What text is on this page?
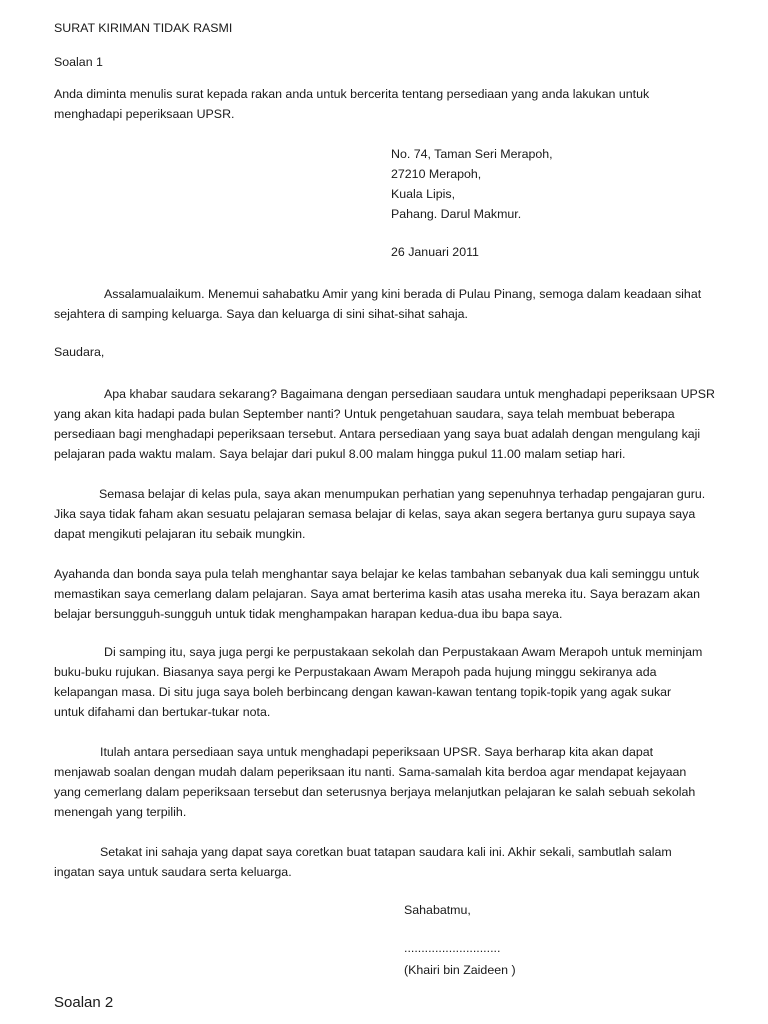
SURAT KIRIMAN TIDAK RASMI
Soalan 1
Anda diminta menulis surat kepada rakan anda untuk bercerita tentang persediaan yang anda lakukan untuk
menghadapi peperiksaan UPSR.
No. 74, Taman Seri Merapoh,
27210 Merapoh,
Kuala Lipis,
Pahang. Darul Makmur.
26 Januari 2011
Assalamualaikum. Menemui sahabatku Amir yang kini berada di Pulau Pinang, semoga dalam keadaan sihat
sejahtera di samping keluarga. Saya dan keluarga di sini sihat-sihat sahaja.
Saudara,
Apa khabar saudara sekarang? Bagaimana dengan persediaan saudara untuk menghadapi peperiksaan UPSR
yang akan kita hadapi pada bulan September nanti? Untuk pengetahuan saudara, saya telah membuat beberapa
persediaan bagi menghadapi peperiksaan tersebut. Antara persediaan yang saya buat adalah dengan mengulang kaji
pelajaran pada waktu malam. Saya belajar dari pukul 8.00 malam hingga pukul 11.00 malam setiap hari.
Semasa belajar di kelas pula, saya akan menumpukan perhatian yang sepenuhnya terhadap pengajaran guru.
Jika saya tidak faham akan sesuatu pelajaran semasa belajar di kelas, saya akan segera bertanya guru supaya saya
dapat mengikuti pelajaran itu sebaik mungkin.
Ayahanda dan bonda saya pula telah menghantar saya belajar ke kelas tambahan sebanyak dua kali seminggu untuk
memastikan saya cemerlang dalam pelajaran. Saya amat berterima kasih atas usaha mereka itu. Saya berazam akan
belajar bersungguh-sungguh untuk tidak menghampakan harapan kedua-dua ibu bapa saya.
Di samping itu, saya juga pergi ke perpustakaan sekolah dan Perpustakaan Awam Merapoh untuk meminjam
buku-buku rujukan. Biasanya saya pergi ke Perpustakaan Awam Merapoh pada hujung minggu sekiranya ada
kelapangan masa. Di situ juga saya boleh berbincang dengan kawan-kawan tentang topik-topik yang agak sukar
untuk difahami dan bertukar-tukar nota.
Itulah antara persediaan saya untuk menghadapi peperiksaan UPSR. Saya berharap kita akan dapat
menjawab soalan dengan mudah dalam peperiksaan itu nanti. Sama-samalah kita berdoa agar mendapat kejayaan
yang cemerlang dalam peperiksaan tersebut dan seterusnya berjaya melanjutkan pelajaran ke salah sebuah sekolah
menengah yang terpilih.
Setakat ini sahaja yang dapat saya coretkan buat tatapan saudara kali ini. Akhir sekali, sambutlah salam
ingatan saya untuk saudara serta keluarga.
Sahabatmu,
............................
(Khairi bin Zaideen )
Soalan 2
